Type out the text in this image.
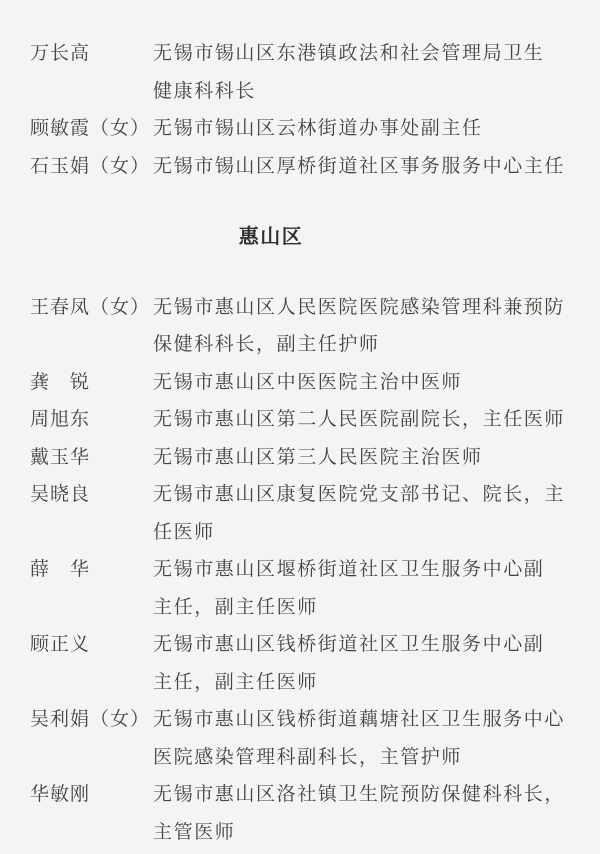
万长高	无锡市锡山区东港镇政法和社会管理局卫生
健康科科长
顾敏霞（女） 无锡市锡山区云林街道办事处副主任
石玉娟（女） 无锡市锡山区厚桥街道社区事务服务中心主任
惠山区
王春凤（女） 无锡市惠山区人民医院医院感染管理科兼预防
保健科科长，副主任护师
龚　锐	无锡市惠山区中医医院主治中医师
周旭东	无锡市惠山区第二人民医院副院长，主任医师
戴玉华	无锡市惠山区第三人民医院主治医师
吴晓良	无锡市惠山区康复医院党支部书记、院长，主
任医师
薛　华	无锡市惠山区堰桥街道社区卫生服务中心副
主任，副主任医师
顾正义	无锡市惠山区钱桥街道社区卫生服务中心副
主任，副主任医师
吴利娟（女） 无锡市惠山区钱桥街道藕塘社区卫生服务中心
医院感染管理科副科长，主管护师
华敏刚	无锡市惠山区洛社镇卫生院预防保健科科长，
主管医师
